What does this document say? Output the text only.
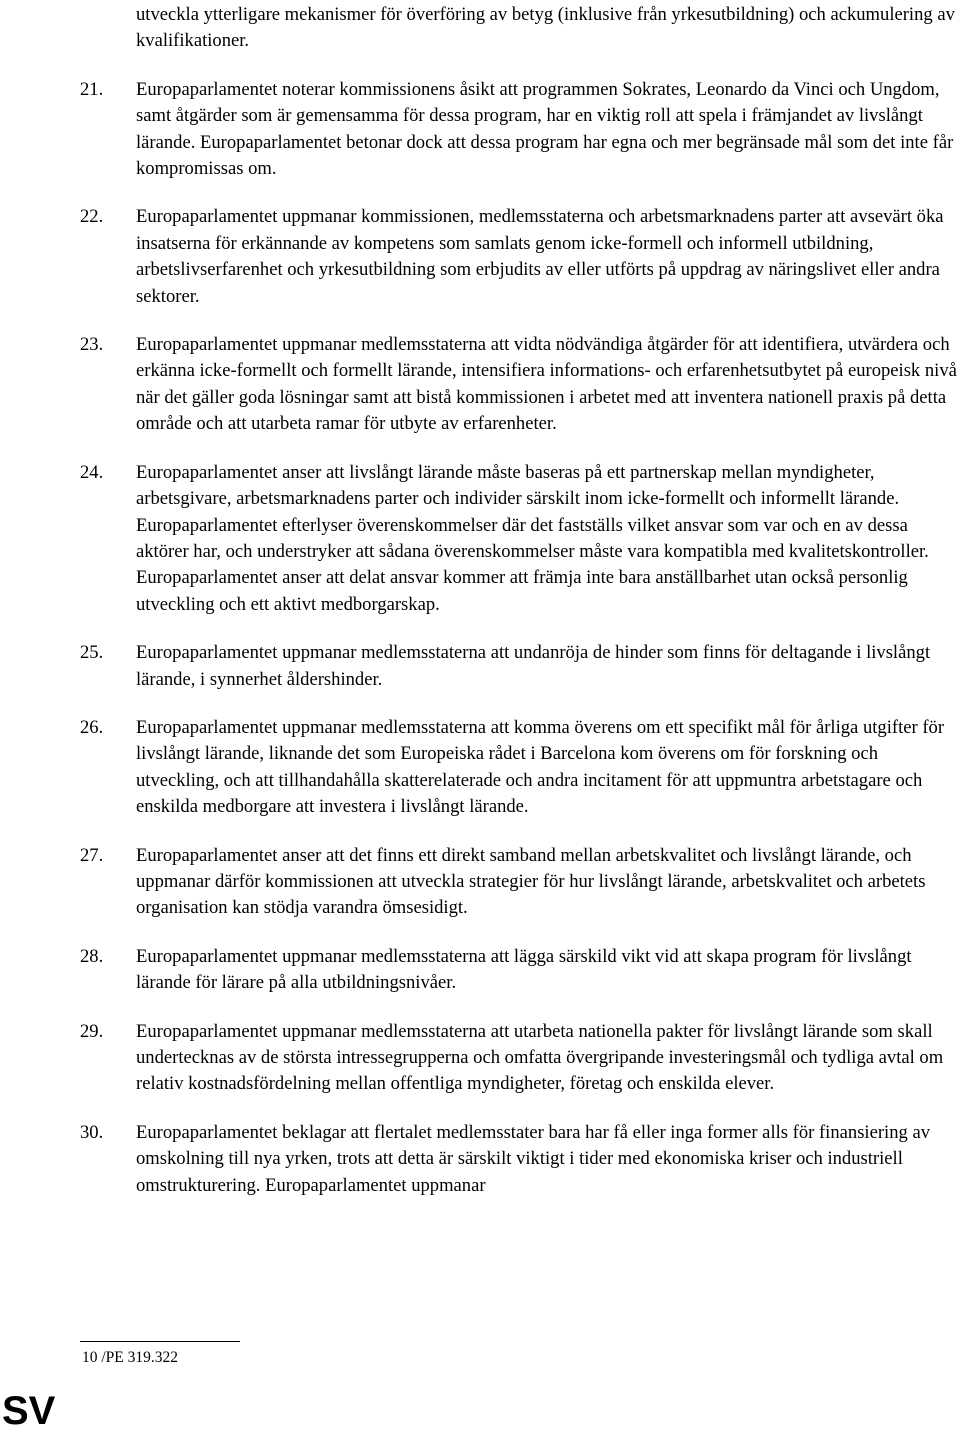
utveckla ytterligare mekanismer för överföring av betyg (inklusive från yrkesutbildning) och ackumulering av kvalifikationer.
21. Europaparlamentet noterar kommissionens åsikt att programmen Sokrates, Leonardo da Vinci och Ungdom, samt åtgärder som är gemensamma för dessa program, har en viktig roll att spela i främjandet av livslångt lärande. Europaparlamentet betonar dock att dessa program har egna och mer begränsade mål som det inte får kompromissas om.
22. Europaparlamentet uppmanar kommissionen, medlemsstaterna och arbetsmarknadens parter att avsevärt öka insatserna för erkännande av kompetens som samlats genom icke-formell och informell utbildning, arbetslivserfarenhet och yrkesutbildning som erbjudits av eller utförts på uppdrag av näringslivet eller andra sektorer.
23. Europaparlamentet uppmanar medlemsstaterna att vidta nödvändiga åtgärder för att identifiera, utvärdera och erkänna icke-formellt och formellt lärande, intensifiera informations- och erfarenhetsutbytet på europeisk nivå när det gäller goda lösningar samt att bistå kommissionen i arbetet med att inventera nationell praxis på detta område och att utarbeta ramar för utbyte av erfarenheter.
24. Europaparlamentet anser att livslångt lärande måste baseras på ett partnerskap mellan myndigheter, arbetsgivare, arbetsmarknadens parter och individer särskilt inom icke-formellt och informellt lärande. Europaparlamentet efterlyser överenskommelser där det fastställs vilket ansvar som var och en av dessa aktörer har, och understryker att sådana överenskommelser måste vara kompatibla med kvalitetskontroller. Europaparlamentet anser att delat ansvar kommer att främja inte bara anställbarhet utan också personlig utveckling och ett aktivt medborgarskap.
25. Europaparlamentet uppmanar medlemsstaterna att undanröja de hinder som finns för deltagande i livslångt lärande, i synnerhet åldershinder.
26. Europaparlamentet uppmanar medlemsstaterna att komma överens om ett specifikt mål för årliga utgifter för livslångt lärande, liknande det som Europeiska rådet i Barcelona kom överens om för forskning och utveckling, och att tillhandahålla skatterelaterade och andra incitament för att uppmuntra arbetstagare och enskilda medborgare att investera i livslångt lärande.
27. Europaparlamentet anser att det finns ett direkt samband mellan arbetskvalitet och livslångt lärande, och uppmanar därför kommissionen att utveckla strategier för hur livslångt lärande, arbetskvalitet och arbetets organisation kan stödja varandra ömsesidigt.
28. Europaparlamentet uppmanar medlemsstaterna att lägga särskild vikt vid att skapa program för livslångt lärande för lärare på alla utbildningsnivåer.
29. Europaparlamentet uppmanar medlemsstaterna att utarbeta nationella pakter för livslångt lärande som skall undertecknas av de största intressegrupperna och omfatta övergripande investeringsmål och tydliga avtal om relativ kostnadsfördelning mellan offentliga myndigheter, företag och enskilda elever.
30. Europaparlamentet beklagar att flertalet medlemsstater bara har få eller inga former alls för finansiering av omskolning till nya yrken, trots att detta är särskilt viktigt i tider med ekonomiska kriser och industriell omstrukturering. Europaparlamentet uppmanar
10 /PE 319.322
SV
